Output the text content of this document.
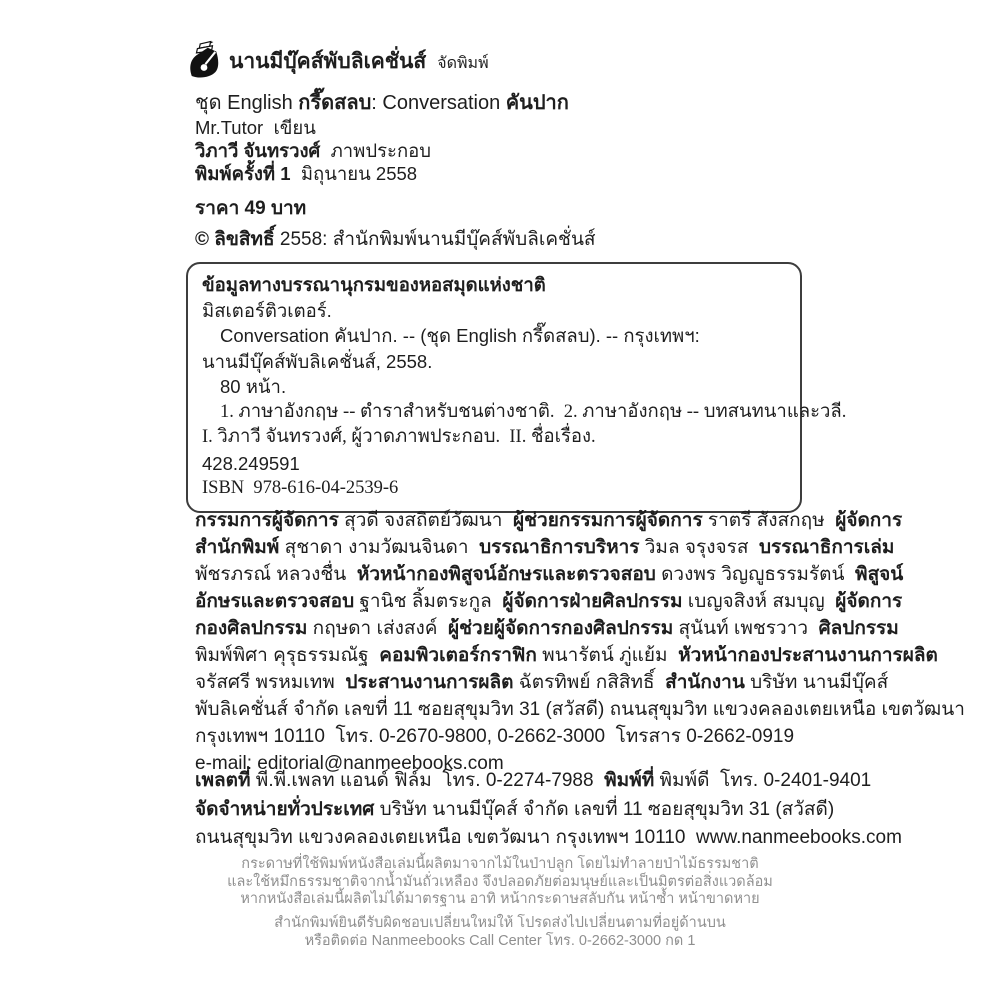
นานมีบุ๊คส์พับลิเคชั่นส์ จัดพิมพ์
ชุด English กรี๊ดสลบ: Conversation คันปาก
Mr.Tutor  เขียน
วิภาวี จันทรวงศ์  ภาพประกอบ
พิมพ์ครั้งที่ 1  มิถุนายน 2558
ราคา 49 บาท
© ลิขสิทธิ์ 2558: สำนักพิมพ์นานมีบุ๊คส์พับลิเคชั่นส์

ข้อมูลทางบรรณานุกรมของหอสมุดแห่งชาติ

มิสเตอร์ติวเตอร์.

Conversation คันปาก. -- (ชุด English กรี๊ดสลบ). -- กรุงเทพฯ:

นานมีบุ๊คส์พับลิเคชั่นส์, 2558.

80 หน้า.

1. ภาษาอังกฤษ -- ตำราสำหรับชนต่างชาติ.  2. ภาษาอังกฤษ -- บทสนทนาและวลี.

I. วิภาวี จันทรวงศ์, ผู้วาดภาพประกอบ.  II. ชื่อเรื่อง.

428.249591

ISBN  978-616-04-2539-6

กรรมการผู้จัดการ สุวดี จงสถิตย์วัฒนา  ผู้ช่วยกรรมการผู้จัดการ ราตรี สังสกฤษ  ผู้จัดการ
สำนักพิมพ์ สุชาดา งามวัฒนจินดา  บรรณาธิการบริหาร วิมล จรุงจรส  บรรณาธิการเล่ม
พัชรภรณ์ หลวงชื่น  หัวหน้ากองพิสูจน์อักษรและตรวจสอบ ดวงพร วิญญูธรรมรัตน์  พิสูจน์
อักษรและตรวจสอบ ฐานิช ลิ้มตระกูล  ผู้จัดการฝ่ายศิลปกรรม เบญจสิงห์ สมบุญ  ผู้จัดการ
กองศิลปกรรม กฤษดา เส่งสงค์  ผู้ช่วยผู้จัดการกองศิลปกรรม สุนันท์ เพชรวาว  ศิลปกรรม
พิมพ์พิศา คุรุธรรมณัฐ  คอมพิวเตอร์กราฟิก พนารัตน์ ภู่แย้ม  หัวหน้ากองประสานงานการผลิต
จรัสศรี พรหมเทพ  ประสานงานการผลิต ฉัตรทิพย์ กสิสิทธิ์  สำนักงาน บริษัท นานมีบุ๊คส์
พับลิเคชั่นส์ จำกัด เลขที่ 11 ซอยสุขุมวิท 31 (สวัสดี) ถนนสุขุมวิท แขวงคลองเตยเหนือ เขตวัฒนา
กรุงเทพฯ 10110  โทร. 0-2670-9800, 0-2662-3000  โทรสาร 0-2662-0919
e-mail: editorial@nanmeebooks.com
เพลตที่ พี.พี.เพลท แอนด์ ฟิล์ม  โทร. 0-2274-7988  พิมพ์ที่ พิมพ์ดี  โทร. 0-2401-9401
จัดจำหน่ายทั่วประเทศ บริษัท นานมีบุ๊คส์ จำกัด เลขที่ 11 ซอยสุขุมวิท 31 (สวัสดี)
ถนนสุขุมวิท แขวงคลองเตยเหนือ เขตวัฒนา กรุงเทพฯ 10110  www.nanmeebooks.com
กระดาษที่ใช้พิมพ์หนังสือเล่มนี้ผลิตมาจากไม้ในป่าปลูก โดยไม่ทำลายป่าไม้ธรรมชาติ
และใช้หมึกธรรมชาติจากน้ำมันถั่วเหลือง จึงปลอดภัยต่อมนุษย์และเป็นมิตรต่อสิ่งแวดล้อม
หากหนังสือเล่มนี้ผลิตไม่ได้มาตรฐาน อาทิ หน้ากระดาษสลับกัน หน้าซ้ำ หน้าขาดหาย
สำนักพิมพ์ยินดีรับผิดชอบเปลี่ยนใหม่ให้ โปรดส่งไปเปลี่ยนตามที่อยู่ด้านบน
หรือติดต่อ Nanmeebooks Call Center โทร. 0-2662-3000 กด 1
